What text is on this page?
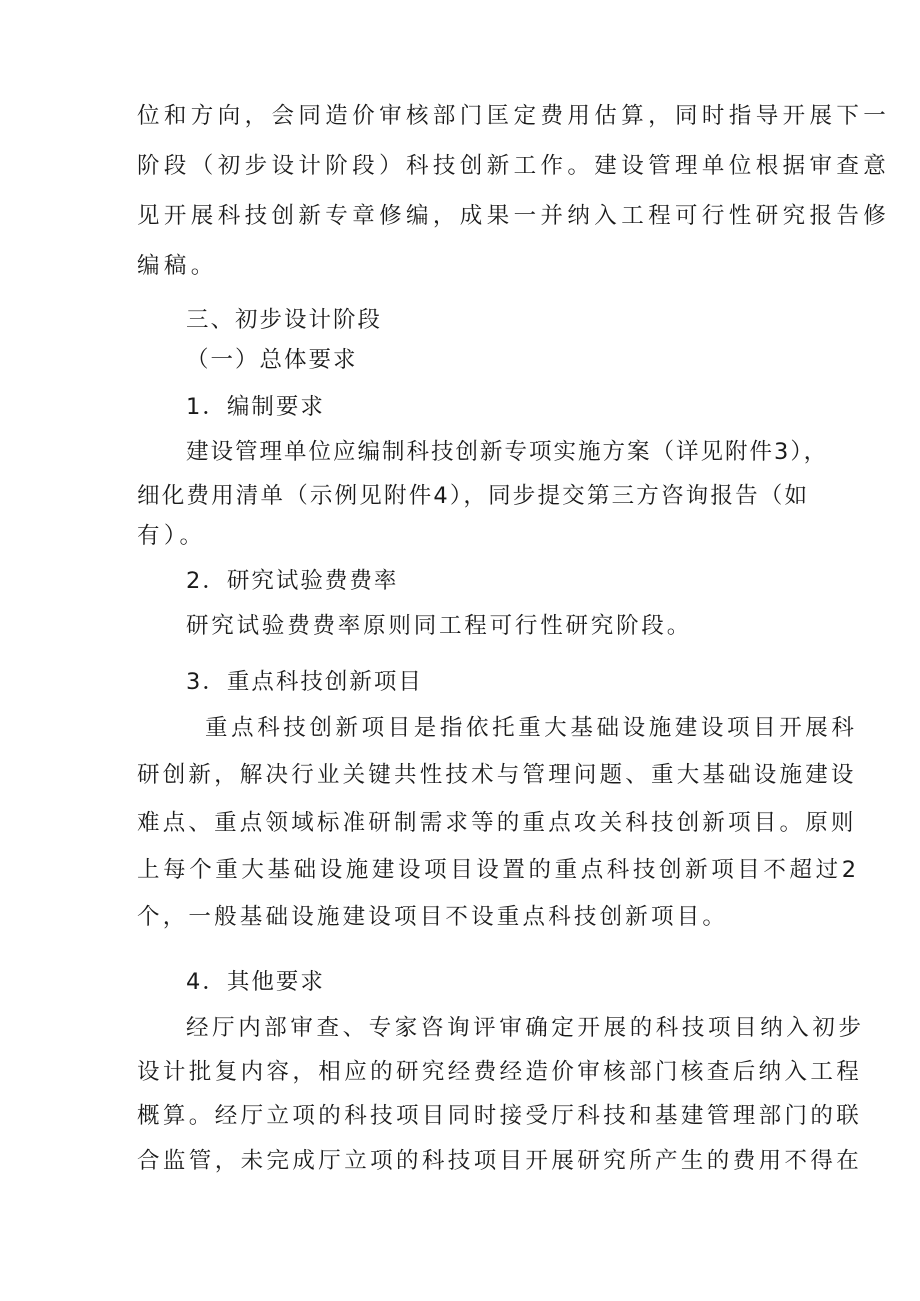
位和方向，会同造价审核部门匡定费用估算，同时指导开展下一
阶段（初步设计阶段）科技创新工作。建设管理单位根据审查意
见开展科技创新专章修编，成果一并纳入工程可行性研究报告修
编稿。
三、初步设计阶段
（一）总体要求
1．编制要求
建设管理单位应编制科技创新专项实施方案（详见附件3），
细化费用清单（示例见附件4），同步提交第三方咨询报告（如
有）。
2．研究试验费费率
研究试验费费率原则同工程可行性研究阶段。
3．重点科技创新项目
重点科技创新项目是指依托重大基础设施建设项目开展科
研创新，解决行业关键共性技术与管理问题、重大基础设施建设
难点、重点领域标准研制需求等的重点攻关科技创新项目。原则
上每个重大基础设施建设项目设置的重点科技创新项目不超过2
个，一般基础设施建设项目不设重点科技创新项目。
4．其他要求
经厅内部审查、专家咨询评审确定开展的科技项目纳入初步
设计批复内容，相应的研究经费经造价审核部门核查后纳入工程
概算。经厅立项的科技项目同时接受厅科技和基建管理部门的联
合监管，未完成厅立项的科技项目开展研究所产生的费用不得在
